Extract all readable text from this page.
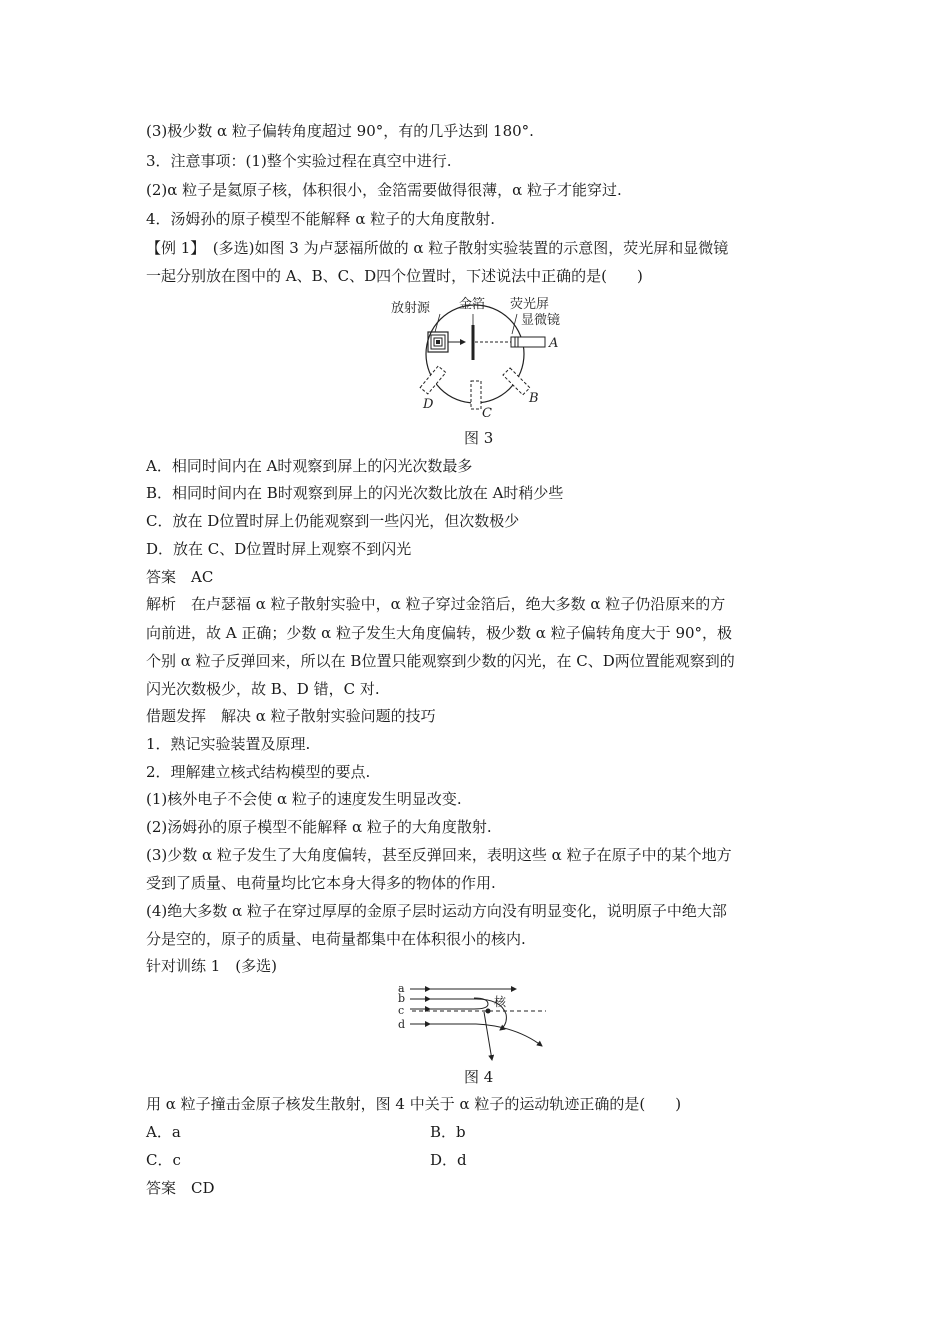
(3)极少数 α 粒子偏转角度超过 90°，有的几乎达到 180°.
3．注意事项：(1)整个实验过程在真空中进行.
(2)α 粒子是氦原子核，体积很小，金箔需要做得很薄，α 粒子才能穿过.
4．汤姆孙的原子模型不能解释 α 粒子的大角度散射.
【例 1】　(多选)如图 3 为卢瑟福所做的 α 粒子散射实验装置的示意图，荧光屏和显微镜
一起分别放在图中的 A、B、C、D四个位置时，下述说法中正确的是(　　)
放射源 金箔 荧光屏
显微镜
A
B
C
D
图 3
A．相同时间内在 A时观察到屏上的闪光次数最多
B．相同时间内在 B时观察到屏上的闪光次数比放在 A时稍少些
C．放在 D位置时屏上仍能观察到一些闪光，但次数极少
D．放在 C、D位置时屏上观察不到闪光
答案　AC
解析　在卢瑟福 α 粒子散射实验中，α 粒子穿过金箔后，绝大多数 α 粒子仍沿原来的方
向前进，故 A 正确；少数 α 粒子发生大角度偏转，极少数 α 粒子偏转角度大于 90°，极
个别 α 粒子反弹回来，所以在 B位置只能观察到少数的闪光，在 C、D两位置能观察到的
闪光次数极少，故 B、D 错，C 对.
借题发挥　解决 α 粒子散射实验问题的技巧
1．熟记实验装置及原理.
2．理解建立核式结构模型的要点.
(1)核外电子不会使 α 粒子的速度发生明显改变.
(2)汤姆孙的原子模型不能解释 α 粒子的大角度散射.
(3)少数 α 粒子发生了大角度偏转，甚至反弹回来，表明这些 α 粒子在原子中的某个地方
受到了质量、电荷量均比它本身大得多的物体的作用.
(4)绝大多数 α 粒子在穿过厚厚的金原子层时运动方向没有明显变化，说明原子中绝大部
分是空的，原子的质量、电荷量都集中在体积很小的核内.
针对训练 1　(多选)
a
b
c
d
核
图 4
用 α 粒子撞击金原子核发生散射，图 4 中关于 α 粒子的运动轨迹正确的是(　　)
A．a	B．b
C．c	D．d
答案　CD
